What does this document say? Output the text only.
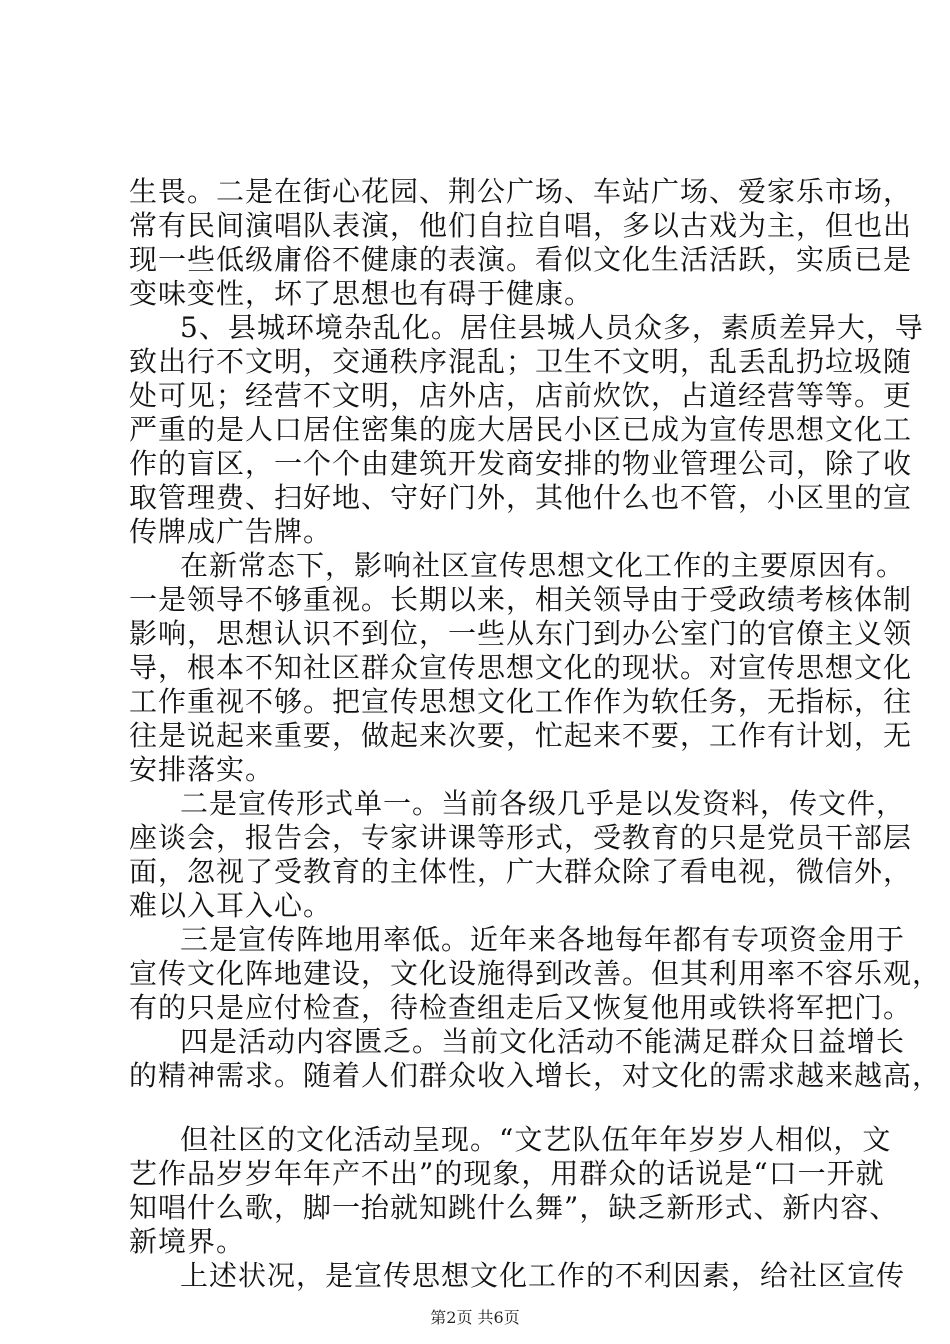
生畏。二是在街心花园、荆公广场、车站广场、爱家乐市场，
常有民间演唱队表演，他们自拉自唱，多以古戏为主，但也出
现一些低级庸俗不健康的表演。看似文化生活活跃，实质已是
变味变性，坏了思想也有碍于健康。
5、县城环境杂乱化。居住县城人员众多，素质差异大，导
致出行不文明，交通秩序混乱；卫生不文明，乱丢乱扔垃圾随
处可见；经营不文明，店外店，店前炊饮，占道经营等等。更
严重的是人口居住密集的庞大居民小区已成为宣传思想文化工
作的盲区，一个个由建筑开发商安排的物业管理公司，除了收
取管理费、扫好地、守好门外，其他什么也不管，小区里的宣
传牌成广告牌。
在新常态下，影响社区宣传思想文化工作的主要原因有。
一是领导不够重视。长期以来，相关领导由于受政绩考核体制
影响，思想认识不到位，一些从东门到办公室门的官僚主义领
导，根本不知社区群众宣传思想文化的现状。对宣传思想文化
工作重视不够。把宣传思想文化工作作为软任务，无指标，往
往是说起来重要，做起来次要，忙起来不要，工作有计划，无
安排落实。
二是宣传形式单一。当前各级几乎是以发资料，传文件，
座谈会，报告会，专家讲课等形式，受教育的只是党员干部层
面，忽视了受教育的主体性，广大群众除了看电视，微信外，
难以入耳入心。
三是宣传阵地用率低。近年来各地每年都有专项资金用于
宣传文化阵地建设，文化设施得到改善。但其利用率不容乐观，
有的只是应付检查，待检查组走后又恢复他用或铁将军把门。
四是活动内容匮乏。当前文化活动不能满足群众日益增长
的精神需求。随着人们群众收入增长，对文化的需求越来越高，
但社区的文化活动呈现。“文艺队伍年年岁岁人相似，文
艺作品岁岁年年产不出”的现象，用群众的话说是“口一开就
知唱什么歌，脚一抬就知跳什么舞”，缺乏新形式、新内容、
新境界。
上述状况，是宣传思想文化工作的不利因素，给社区宣传
第2页 共6页
